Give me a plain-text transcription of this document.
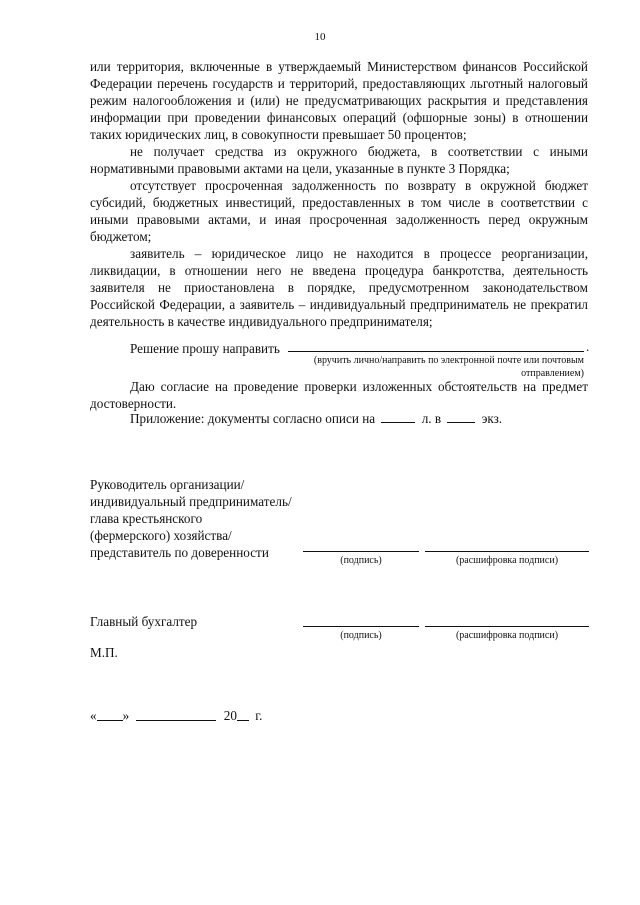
10

или территория, включенные в утверждаемый Министерством финансов Российской Федерации перечень государств и территорий, предоставляющих льготный налоговый режим налогообложения и (или) не предусматривающих раскрытия и представления информации при проведении финансовых операций (офшорные зоны) в отношении таких юридических лиц, в совокупности превышает 50 процентов;

не получает средства из окружного бюджета, в соответствии с иными нормативными правовыми актами на цели, указанные в пункте 3 Порядка;

отсутствует просроченная задолженность по возврату в окружной бюджет субсидий, бюджетных инвестиций, предоставленных в том числе в соответствии с иными правовыми актами, и иная просроченная задолженность перед окружным бюджетом;

заявитель – юридическое лицо не находится в процессе реорганизации, ликвидации, в отношении него не введена процедура банкротства, деятельность заявителя не приостановлена в порядке, предусмотренном законодательством Российской Федерации, а заявитель – индивидуальный предприниматель не прекратил деятельность в качестве индивидуального предпринимателя;

Решение прошу направить	.
(вручить лично/направить по электронной почте или почтовым
отправлением)

Даю согласие на проведение проверки изложенных обстоятельств на предмет достоверности.

Приложение: документы согласно описи на	л. в	экз.
Руководитель организации/
индивидуальный предприниматель/
глава крестьянского
(фермерского) хозяйства/
представитель по доверенности
(подпись)	(расшифровка подписи)
Главный бухгалтер
(подпись)	(расшифровка подписи)
М.П.
« »	20 г.
